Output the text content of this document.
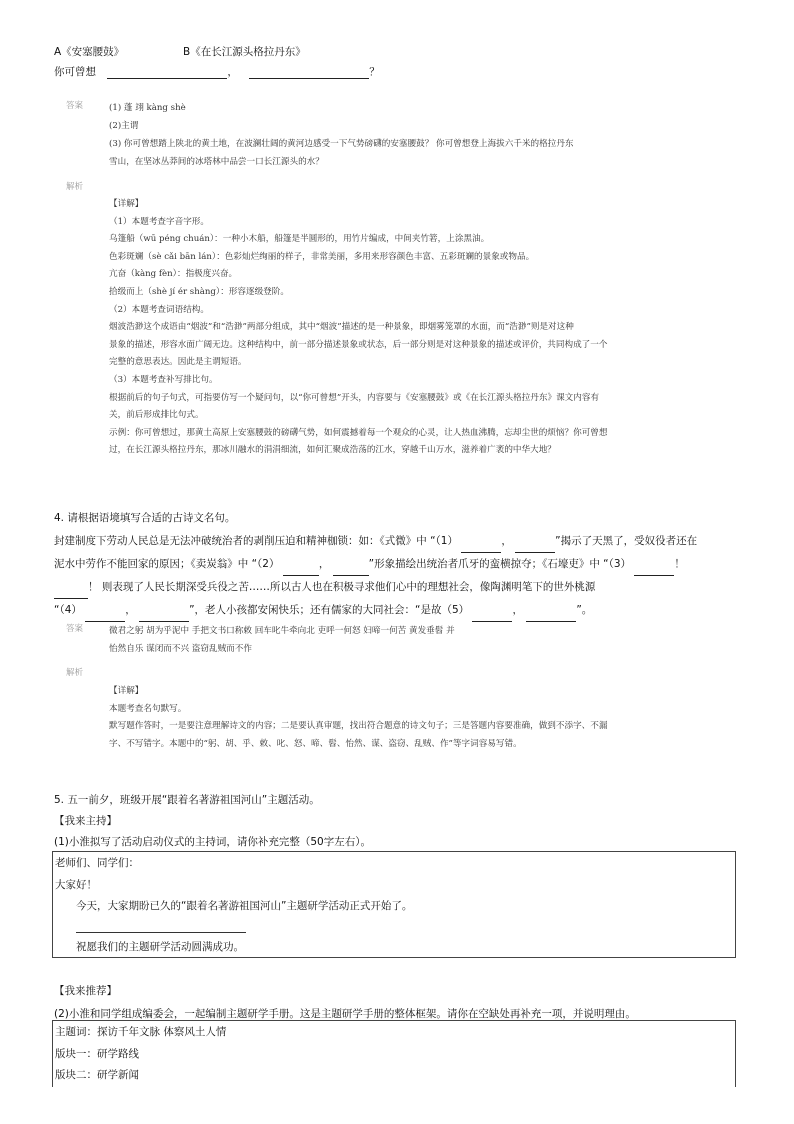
A《安塞腰鼓》	B《在长江源头格拉丹东》
你可曾想	，	？
答案	(1) 蓬 翊 kàng shè
(2)主谓
(3) 你可曾想踏上陕北的黄土地，在波澜壮阔的黄河边感受一下气势磅礴的安塞腰鼓？ 你可曾想登上海拔六千米的格拉丹东
雪山，在坚冰丛莽间的冰塔林中品尝一口长江源头的水？
解析
【详解】
（1）本题考查字音字形。
乌篷船（wū péng chuán）：一种小木船，船篷是半圆形的，用竹片编成，中间夹竹箬，上涂黑油。
色彩斑斓（sè cǎi bān lán）：色彩灿烂绚丽的样子，非常美丽，多用来形容颜色丰富、五彩斑斓的景象或物品。
亢奋（kàng fèn）：指极度兴奋。
拾级而上（shè jí ér shàng）：形容逐级登阶。
（2）本题考查词语结构。
烟波浩渺这个成语由“烟波”和“浩渺”两部分组成，其中“烟波”描述的是一种景象，即烟雾笼罩的水面，而“浩渺”则是对这种
景象的描述，形容水面广阔无边。这种结构中，前一部分描述景象或状态，后一部分则是对这种景象的描述或评价，共同构成了一个
完整的意思表达。因此是主谓短语。
（3）本题考查补写排比句。
根据前后的句子句式，可指要仿写一个疑问句，以“你可曾想”开头，内容要与《安塞腰鼓》或《在长江源头格拉丹东》课文内容有
关，前后形成排比句式。
示例：你可曾想过，那黄土高原上安塞腰鼓的磅礴气势，如何震撼着每一个观众的心灵，让人热血沸腾，忘却尘世的烦恼？你可曾想
过，在长江源头格拉丹东，那冰川融水的涓涓细流，如何汇聚成浩荡的江水，穿越千山万水，滋养着广袤的中华大地？
4. 请根据语境填写合适的古诗文名句。
封建制度下劳动人民总是无法冲破统治者的剥削压迫和精神枷锁：如：《式微》中 “（1）	，	”揭示了天黑了，受奴役者还在
泥水中劳作不能回家的原因；《卖炭翁》中 “（2）	，	”形象描绘出统治者爪牙的蛮横掠夺；《石壕吏》中 “（3）	！
！ 则表现了人民长期深受兵役之苦……所以古人也在积极寻求他们心中的理想社会，像陶渊明笔下的世外桃源
“（4）	，	”，老人小孩都安闲快乐；还有儒家的大同社会：“是故（5）	，	”。
答案	微君之躬 胡为乎泥中 手把文书口称敕 回车叱牛牵向北 吏呼一何怒 妇啼一何苦 黄发垂髫 并
怡然自乐 谋闭而不兴 盗窃乱贼而不作
解析
【详解】
本题考查名句默写。
默写题作答时，一是要注意理解诗文的内容；二是要认真审题，找出符合题意的诗文句子；三是答题内容要准确，做到不添字、不漏
字、不写错字。本题中的“躬、胡、乎、敕、叱、怒、啼、髫、怡然、谋、盗窃、乱贼、作”等字词容易写错。
5. 五一前夕，班级开展“跟着名著游祖国河山”主题活动。
【我来主持】
(1)小淮拟写了活动启动仪式的主持词，请你补充完整（50字左右）。
老师们、同学们：
大家好！
今天，大家期盼已久的“跟着名著游祖国河山”主题研学活动正式开始了。
祝愿我们的主题研学活动圆满成功。
【我来推荐】
(2)小淮和同学组成编委会，一起编制主题研学手册。这是主题研学手册的整体框架。请你在空缺处再补充一项，并说明理由。
主题词：探访千年文脉 体察风土人情
版块一：研学路线
版块二：研学新闻
